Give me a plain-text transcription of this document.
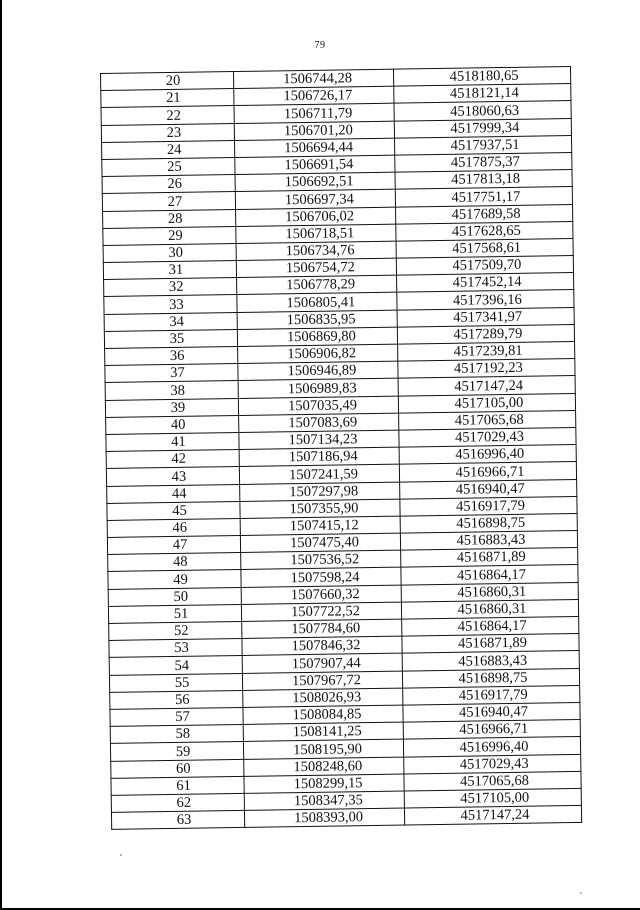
79
20	1506744,28	4518180,65
21	1506726,17	4518121,14
22	1506711,79	4518060,63
23	1506701,20	4517999,34
24	1506694,44	4517937,51
25	1506691,54	4517875,37
26	1506692,51	4517813,18
27	1506697,34	4517751,17
28	1506706,02	4517689,58
29	1506718,51	4517628,65
30	1506734,76	4517568,61
31	1506754,72	4517509,70
32	1506778,29	4517452,14
33	1506805,41	4517396,16
34	1506835,95	4517341,97
35	1506869,80	4517289,79
36	1506906,82	4517239,81
37	1506946,89	4517192,23
38	1506989,83	4517147,24
39	1507035,49	4517105,00
40	1507083,69	4517065,68
41	1507134,23	4517029,43
42	1507186,94	4516996,40
43	1507241,59	4516966,71
44	1507297,98	4516940,47
45	1507355,90	4516917,79
46	1507415,12	4516898,75
47	1507475,40	4516883,43
48	1507536,52	4516871,89
49	1507598,24	4516864,17
50	1507660,32	4516860,31
51	1507722,52	4516860,31
52	1507784,60	4516864,17
53	1507846,32	4516871,89
54	1507907,44	4516883,43
55	1507967,72	4516898,75
56	1508026,93	4516917,79
57	1508084,85	4516940,47
58	1508141,25	4516966,71
59	1508195,90	4516996,40
60	1508248,60	4517029,43
61	1508299,15	4517065,68
62	1508347,35	4517105,00
63	1508393,00	4517147,24
